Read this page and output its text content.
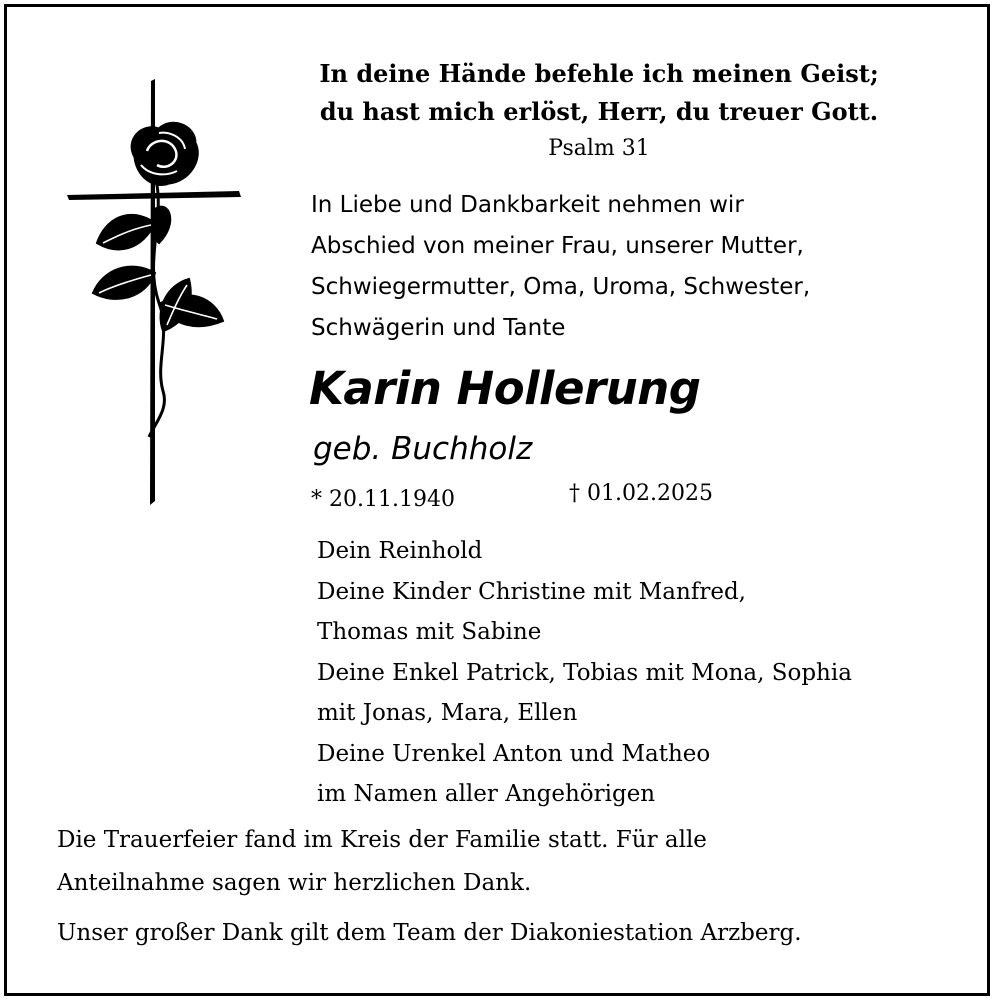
In deine Hände befehle ich meinen Geist;
du hast mich erlöst, Herr, du treuer Gott.
Psalm 31
In Liebe und Dankbarkeit nehmen wir
Abschied von meiner Frau, unserer Mutter,
Schwiegermutter, Oma, Uroma, Schwester,
Schwägerin und Tante
Karin Hollerung
geb. Buchholz
* 20.11.1940	† 01.02.2025
Dein Reinhold
Deine Kinder Christine mit Manfred,
Thomas mit Sabine
Deine Enkel Patrick, Tobias mit Mona, Sophia
mit Jonas, Mara, Ellen
Deine Urenkel Anton und Matheo
im Namen aller Angehörigen
Die Trauerfeier fand im Kreis der Familie statt. Für alle
Anteilnahme sagen wir herzlichen Dank.
Unser großer Dank gilt dem Team der Diakoniestation Arzberg.
